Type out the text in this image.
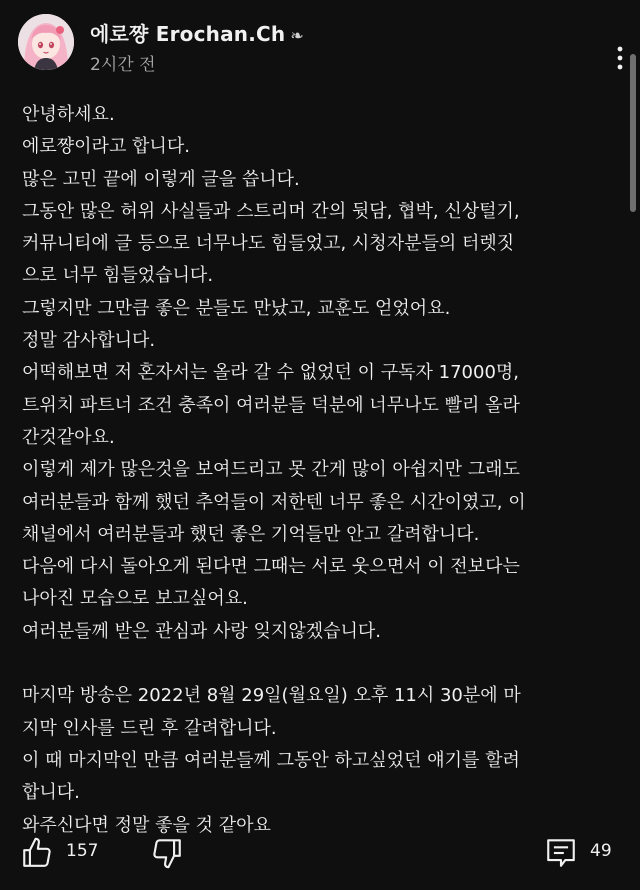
에로쨩 Erochan.Ch ❧
2시간 전
안녕하세요.
에로쨩이라고 합니다.
많은 고민 끝에 이렇게 글을 씁니다.
그동안 많은 허위 사실들과 스트리머 간의 뒷담, 협박, 신상털기,
커뮤니티에 글 등으로 너무나도 힘들었고, 시청자분들의 터렛짓
으로 너무 힘들었습니다.
그렇지만 그만큼 좋은 분들도 만났고, 교훈도 얻었어요.
정말 감사합니다.
어떡해보면 저 혼자서는 올라 갈 수 없었던 이 구독자 17000명,
트위치 파트너 조건 충족이 여러분들 덕분에 너무나도 빨리 올라
간것같아요.
이렇게 제가 많은것을 보여드리고 못 간게 많이 아쉽지만 그래도
여러분들과 함께 했던 추억들이 저한텐 너무 좋은 시간이였고, 이
채널에서 여러분들과 했던 좋은 기억들만 안고 갈려합니다.
다음에 다시 돌아오게 된다면 그때는 서로 웃으면서 이 전보다는
나아진 모습으로 보고싶어요.
여러분들께 받은 관심과 사랑 잊지않겠습니다.
마지막 방송은 2022년 8월 29일(월요일) 오후 11시 30분에 마
지막 인사를 드린 후 갈려합니다.
이 때 마지막인 만큼 여러분들께 그동안 하고싶었던 얘기를 할려
합니다.
와주신다면 정말 좋을 것 같아요
157	49
